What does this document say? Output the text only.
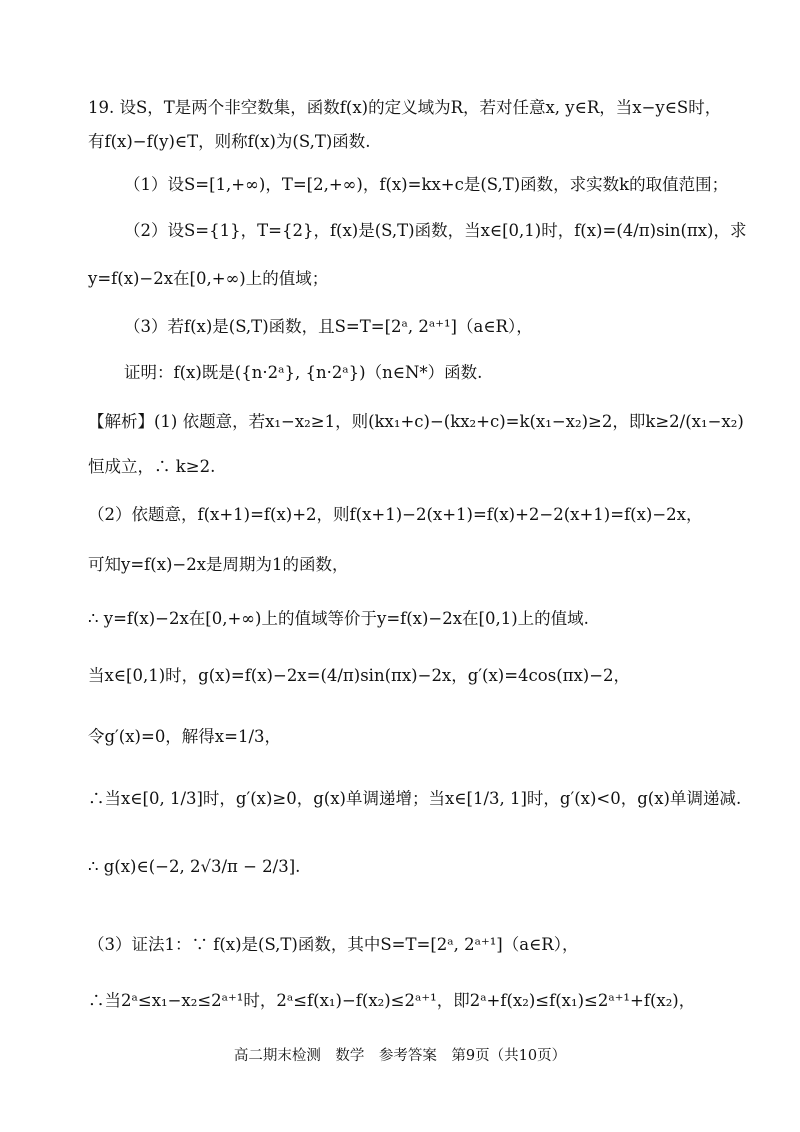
19. 设S，T是两个非空数集，函数f(x)的定义域为R，若对任意x, y∈R，当x−y∈S时，
有f(x)−f(y)∈T，则称f(x)为(S,T)函数.
（1）设S=[1,+∞)，T=[2,+∞)，f(x)=kx+c是(S,T)函数，求实数k的取值范围；
（2）设S={1}，T={2}，f(x)是(S,T)函数，当x∈[0,1)时，f(x)=(4/π)sin(πx)，求
y=f(x)−2x在[0,+∞)上的值域；
（3）若f(x)是(S,T)函数，且S=T=[2ᵃ, 2ᵃ⁺¹]（a∈R），
证明：f(x)既是({n·2ᵃ}, {n·2ᵃ})（n∈N*）函数.
【解析】(1) 依题意，若x₁−x₂≥1，则(kx₁+c)−(kx₂+c)=k(x₁−x₂)≥2，即k≥2/(x₁−x₂)
恒成立，∴ k≥2.
（2）依题意，f(x+1)=f(x)+2，则f(x+1)−2(x+1)=f(x)+2−2(x+1)=f(x)−2x，
可知y=f(x)−2x是周期为1的函数，
∴ y=f(x)−2x在[0,+∞)上的值域等价于y=f(x)−2x在[0,1)上的值域.
当x∈[0,1)时，g(x)=f(x)−2x=(4/π)sin(πx)−2x，g′(x)=4cos(πx)−2，
令g′(x)=0，解得x=1/3，
∴当x∈[0, 1/3]时，g′(x)≥0，g(x)单调递增；当x∈[1/3, 1]时，g′(x)<0，g(x)单调递减.
∴ g(x)∈(−2, 2√3/π − 2/3].
（3）证法1：∵ f(x)是(S,T)函数，其中S=T=[2ᵃ, 2ᵃ⁺¹]（a∈R），
∴当2ᵃ≤x₁−x₂≤2ᵃ⁺¹时，2ᵃ≤f(x₁)−f(x₂)≤2ᵃ⁺¹，即2ᵃ+f(x₂)≤f(x₁)≤2ᵃ⁺¹+f(x₂)，
高二期末检测　数学　参考答案　第9页（共10页）
